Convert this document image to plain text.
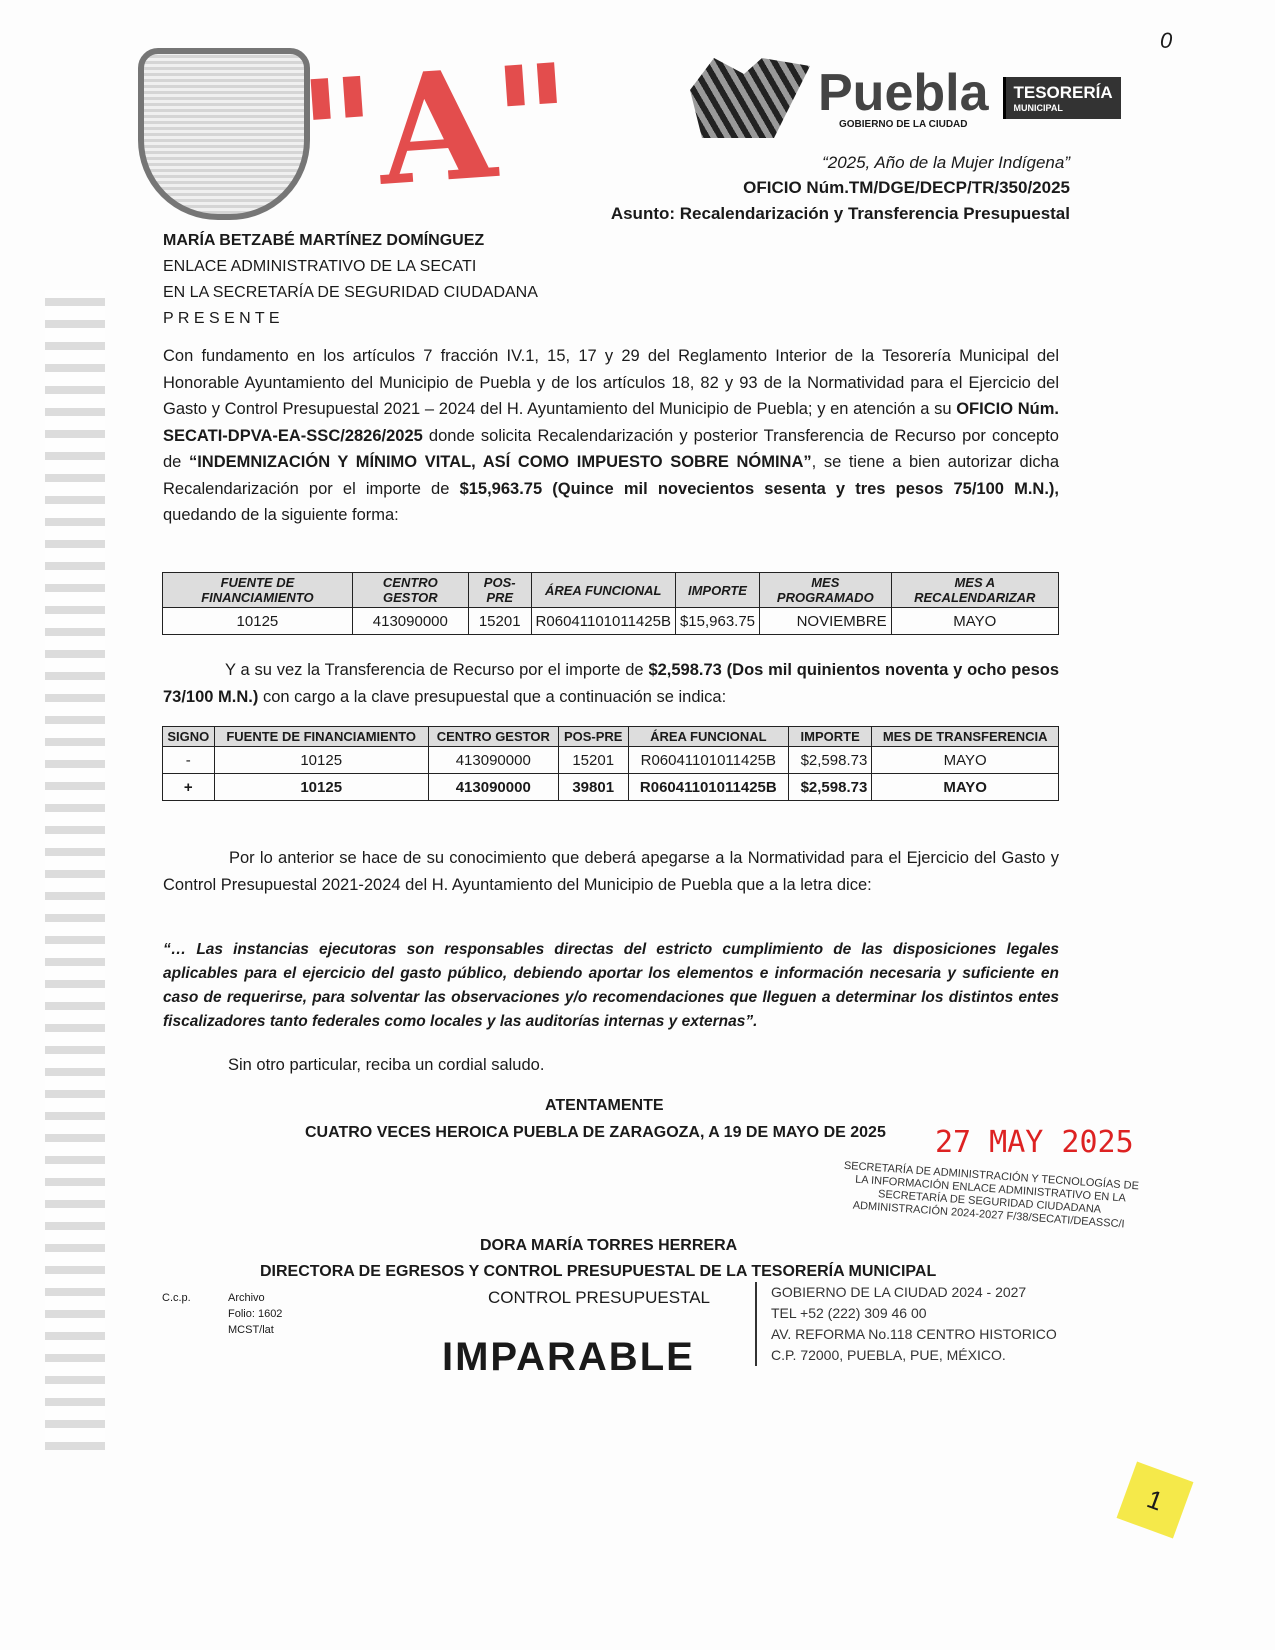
"A"	0
Puebla
GOBIERNO DE LA CIUDAD
TESORERÍA
MUNICIPAL
“2025, Año de la Mujer Indígena”
OFICIO Núm.TM/DGE/DECP/TR/350/2025
Asunto: Recalendarización y Transferencia Presupuestal
MARÍA BETZABÉ MARTÍNEZ DOMÍNGUEZ
ENLACE ADMINISTRATIVO DE LA SECATI
EN LA SECRETARÍA DE SEGURIDAD CIUDADANA
P R E S E N T E
Con fundamento en los artículos 7 fracción IV.1, 15, 17 y 29 del Reglamento Interior de la Tesorería Municipal del Honorable Ayuntamiento del Municipio de Puebla y de los artículos 18, 82 y 93 de la Normatividad para el Ejercicio del Gasto y Control Presupuestal 2021 – 2024 del H. Ayuntamiento del Municipio de Puebla; y en atención a su OFICIO Núm. SECATI-DPVA-EA-SSC/2826/2025 donde solicita Recalendarización y posterior Transferencia de Recurso por concepto de “INDEMNIZACIÓN Y MÍNIMO VITAL, ASÍ COMO IMPUESTO SOBRE NÓMINA”, se tiene a bien autorizar dicha Recalendarización por el importe de $15,963.75 (Quince mil novecientos sesenta y tres pesos 75/100 M.N.), quedando de la siguiente forma:
FUENTE DE FINANCIAMIENTO	CENTRO GESTOR	POS-PRE	ÁREA FUNCIONAL	IMPORTE	MES PROGRAMADO	MES A RECALENDARIZAR
10125	413090000	15201	R06041101011425B	$15,963.75	NOVIEMBRE	MAYO
Y a su vez la Transferencia de Recurso por el importe de $2,598.73 (Dos mil quinientos noventa y ocho pesos 73/100 M.N.) con cargo a la clave presupuestal que a continuación se indica:
SIGNO	FUENTE DE FINANCIAMIENTO	CENTRO GESTOR	POS-PRE	ÁREA FUNCIONAL	IMPORTE	MES DE TRANSFERENCIA
-	10125	413090000	15201	R06041101011425B	$2,598.73	MAYO
+	10125	413090000	39801	R06041101011425B	$2,598.73	MAYO
Por lo anterior se hace de su conocimiento que deberá apegarse a la Normatividad para el Ejercicio del Gasto y Control Presupuestal 2021-2024 del H. Ayuntamiento del Municipio de Puebla que a la letra dice:
“… Las instancias ejecutoras son responsables directas del estricto cumplimiento de las disposiciones legales aplicables para el ejercicio del gasto público, debiendo aportar los elementos e información necesaria y suficiente en caso de requerirse, para solventar las observaciones y/o recomendaciones que lleguen a determinar los distintos entes fiscalizadores tanto federales como locales y las auditorías internas y externas”.
Sin otro particular, reciba un cordial saludo.
ATENTAMENTE
CUATRO VECES HEROICA PUEBLA DE ZARAGOZA, A 19 DE MAYO DE 2025
DORA MARÍA TORRES HERRERA
DIRECTORA DE EGRESOS Y CONTROL PRESUPUESTAL DE LA TESORERÍA MUNICIPAL
CONTROL PRESUPUESTAL
27 MAY 2025
SECRETARÍA DE ADMINISTRACIÓN Y TECNOLOGÍAS DE LA INFORMACIÓN ENLACE ADMINISTRATIVO EN LA SECRETARÍA DE SEGURIDAD CIUDADANA ADMINISTRACIÓN 2024-2027 F/38/SECATI/DEASSC/I
C.c.p.	Archivo
Folio: 1602
MCST/lat
IMPARABLE
GOBIERNO DE LA CIUDAD 2024 - 2027
TEL +52 (222) 309 46 00
AV. REFORMA No.118 CENTRO HISTORICO
C.P. 72000, PUEBLA, PUE, MÉXICO.
1
